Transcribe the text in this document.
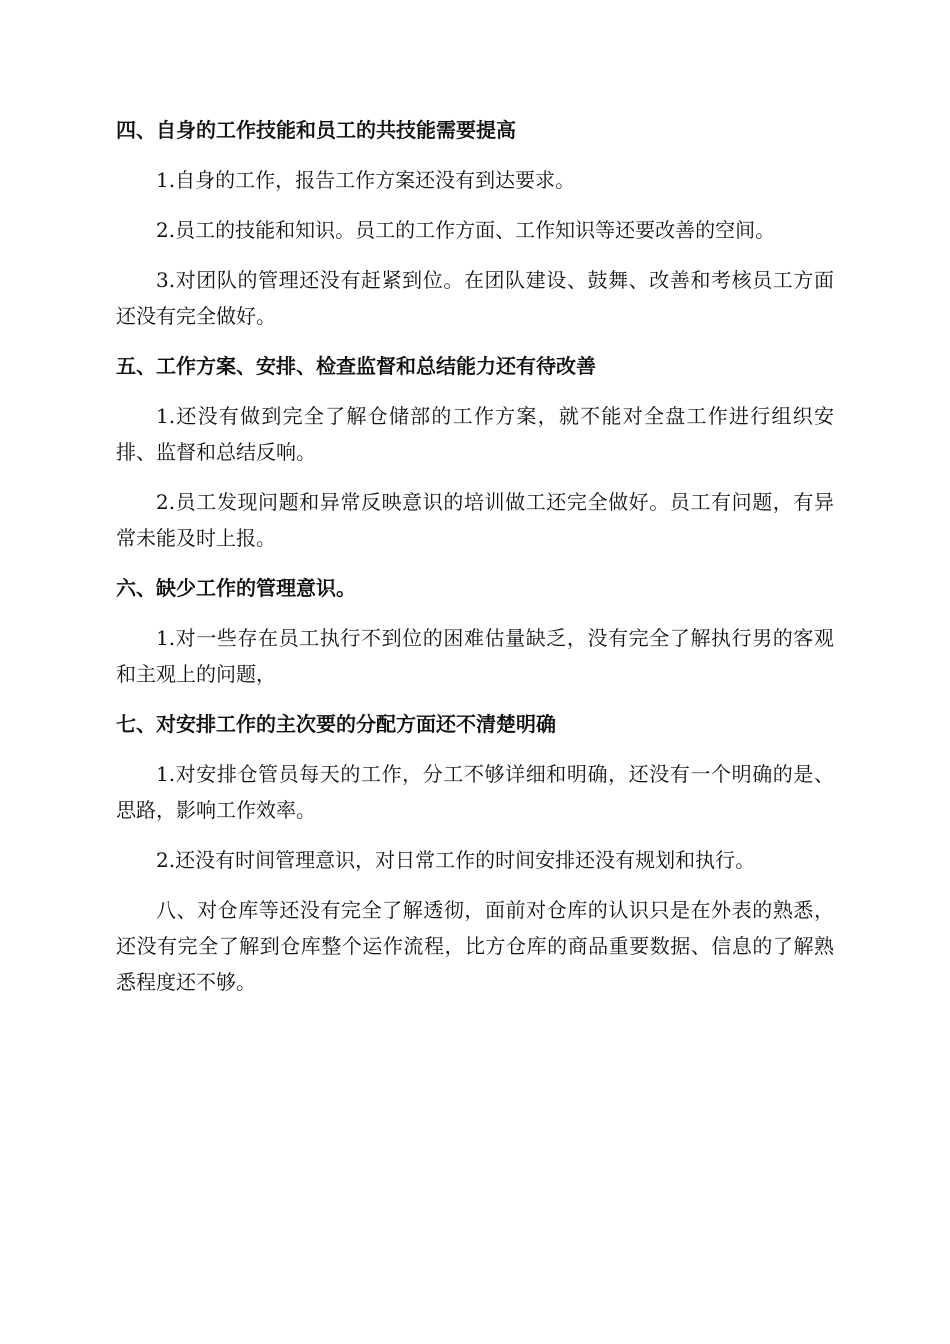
四、自身的工作技能和员工的共技能需要提高

1.自身的工作，报告工作方案还没有到达要求。

2.员工的技能和知识。员工的工作方面、工作知识等还要改善的空间。

3.对团队的管理还没有赶紧到位。在团队建设、鼓舞、改善和考核员工方面还没有完全做好。

五、工作方案、安排、检查监督和总结能力还有待改善

1.还没有做到完全了解仓储部的工作方案，就不能对全盘工作进行组织安排、监督和总结反响。

2.员工发现问题和异常反映意识的培训做工还完全做好。员工有问题，有异常未能及时上报。

六、缺少工作的管理意识。

1.对一些存在员工执行不到位的困难估量缺乏，没有完全了解执行男的客观和主观上的问题，

七、对安排工作的主次要的分配方面还不清楚明确

1.对安排仓管员每天的工作，分工不够详细和明确，还没有一个明确的是、思路，影响工作效率。

2.还没有时间管理意识，对日常工作的时间安排还没有规划和执行。

八、对仓库等还没有完全了解透彻，面前对仓库的认识只是在外表的熟悉，还没有完全了解到仓库整个运作流程，比方仓库的商品重要数据、信息的了解熟悉程度还不够。
